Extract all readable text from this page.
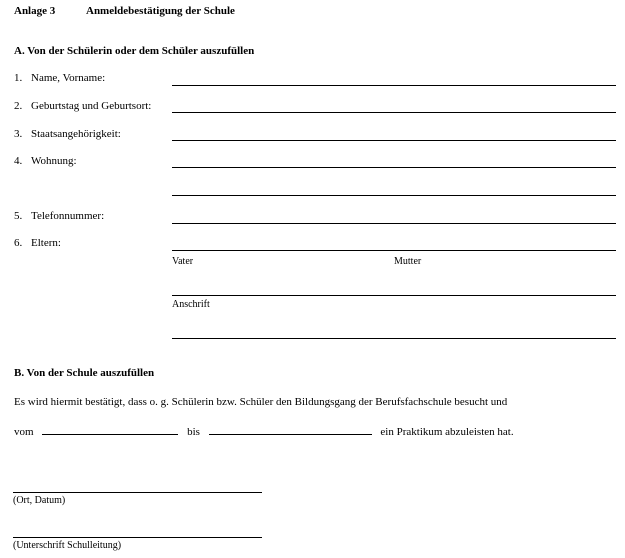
Anlage 3	Anmeldebestätigung der Schule
A. Von der Schülerin oder dem Schüler auszufüllen
1. Name, Vorname:
2. Geburtstag und Geburtsort:
3. Staatsangehörigkeit:
4. Wohnung:
5. Telefonnummer:
6. Eltern:
Vater	Mutter
Anschrift
B. Von der Schule auszufüllen
Es wird hiermit bestätigt, dass o. g. Schülerin bzw. Schüler den Bildungsgang der Berufsfachschule besucht und
vom	bis	ein Praktikum abzuleisten hat.
(Ort, Datum)
(Unterschrift Schulleitung)
